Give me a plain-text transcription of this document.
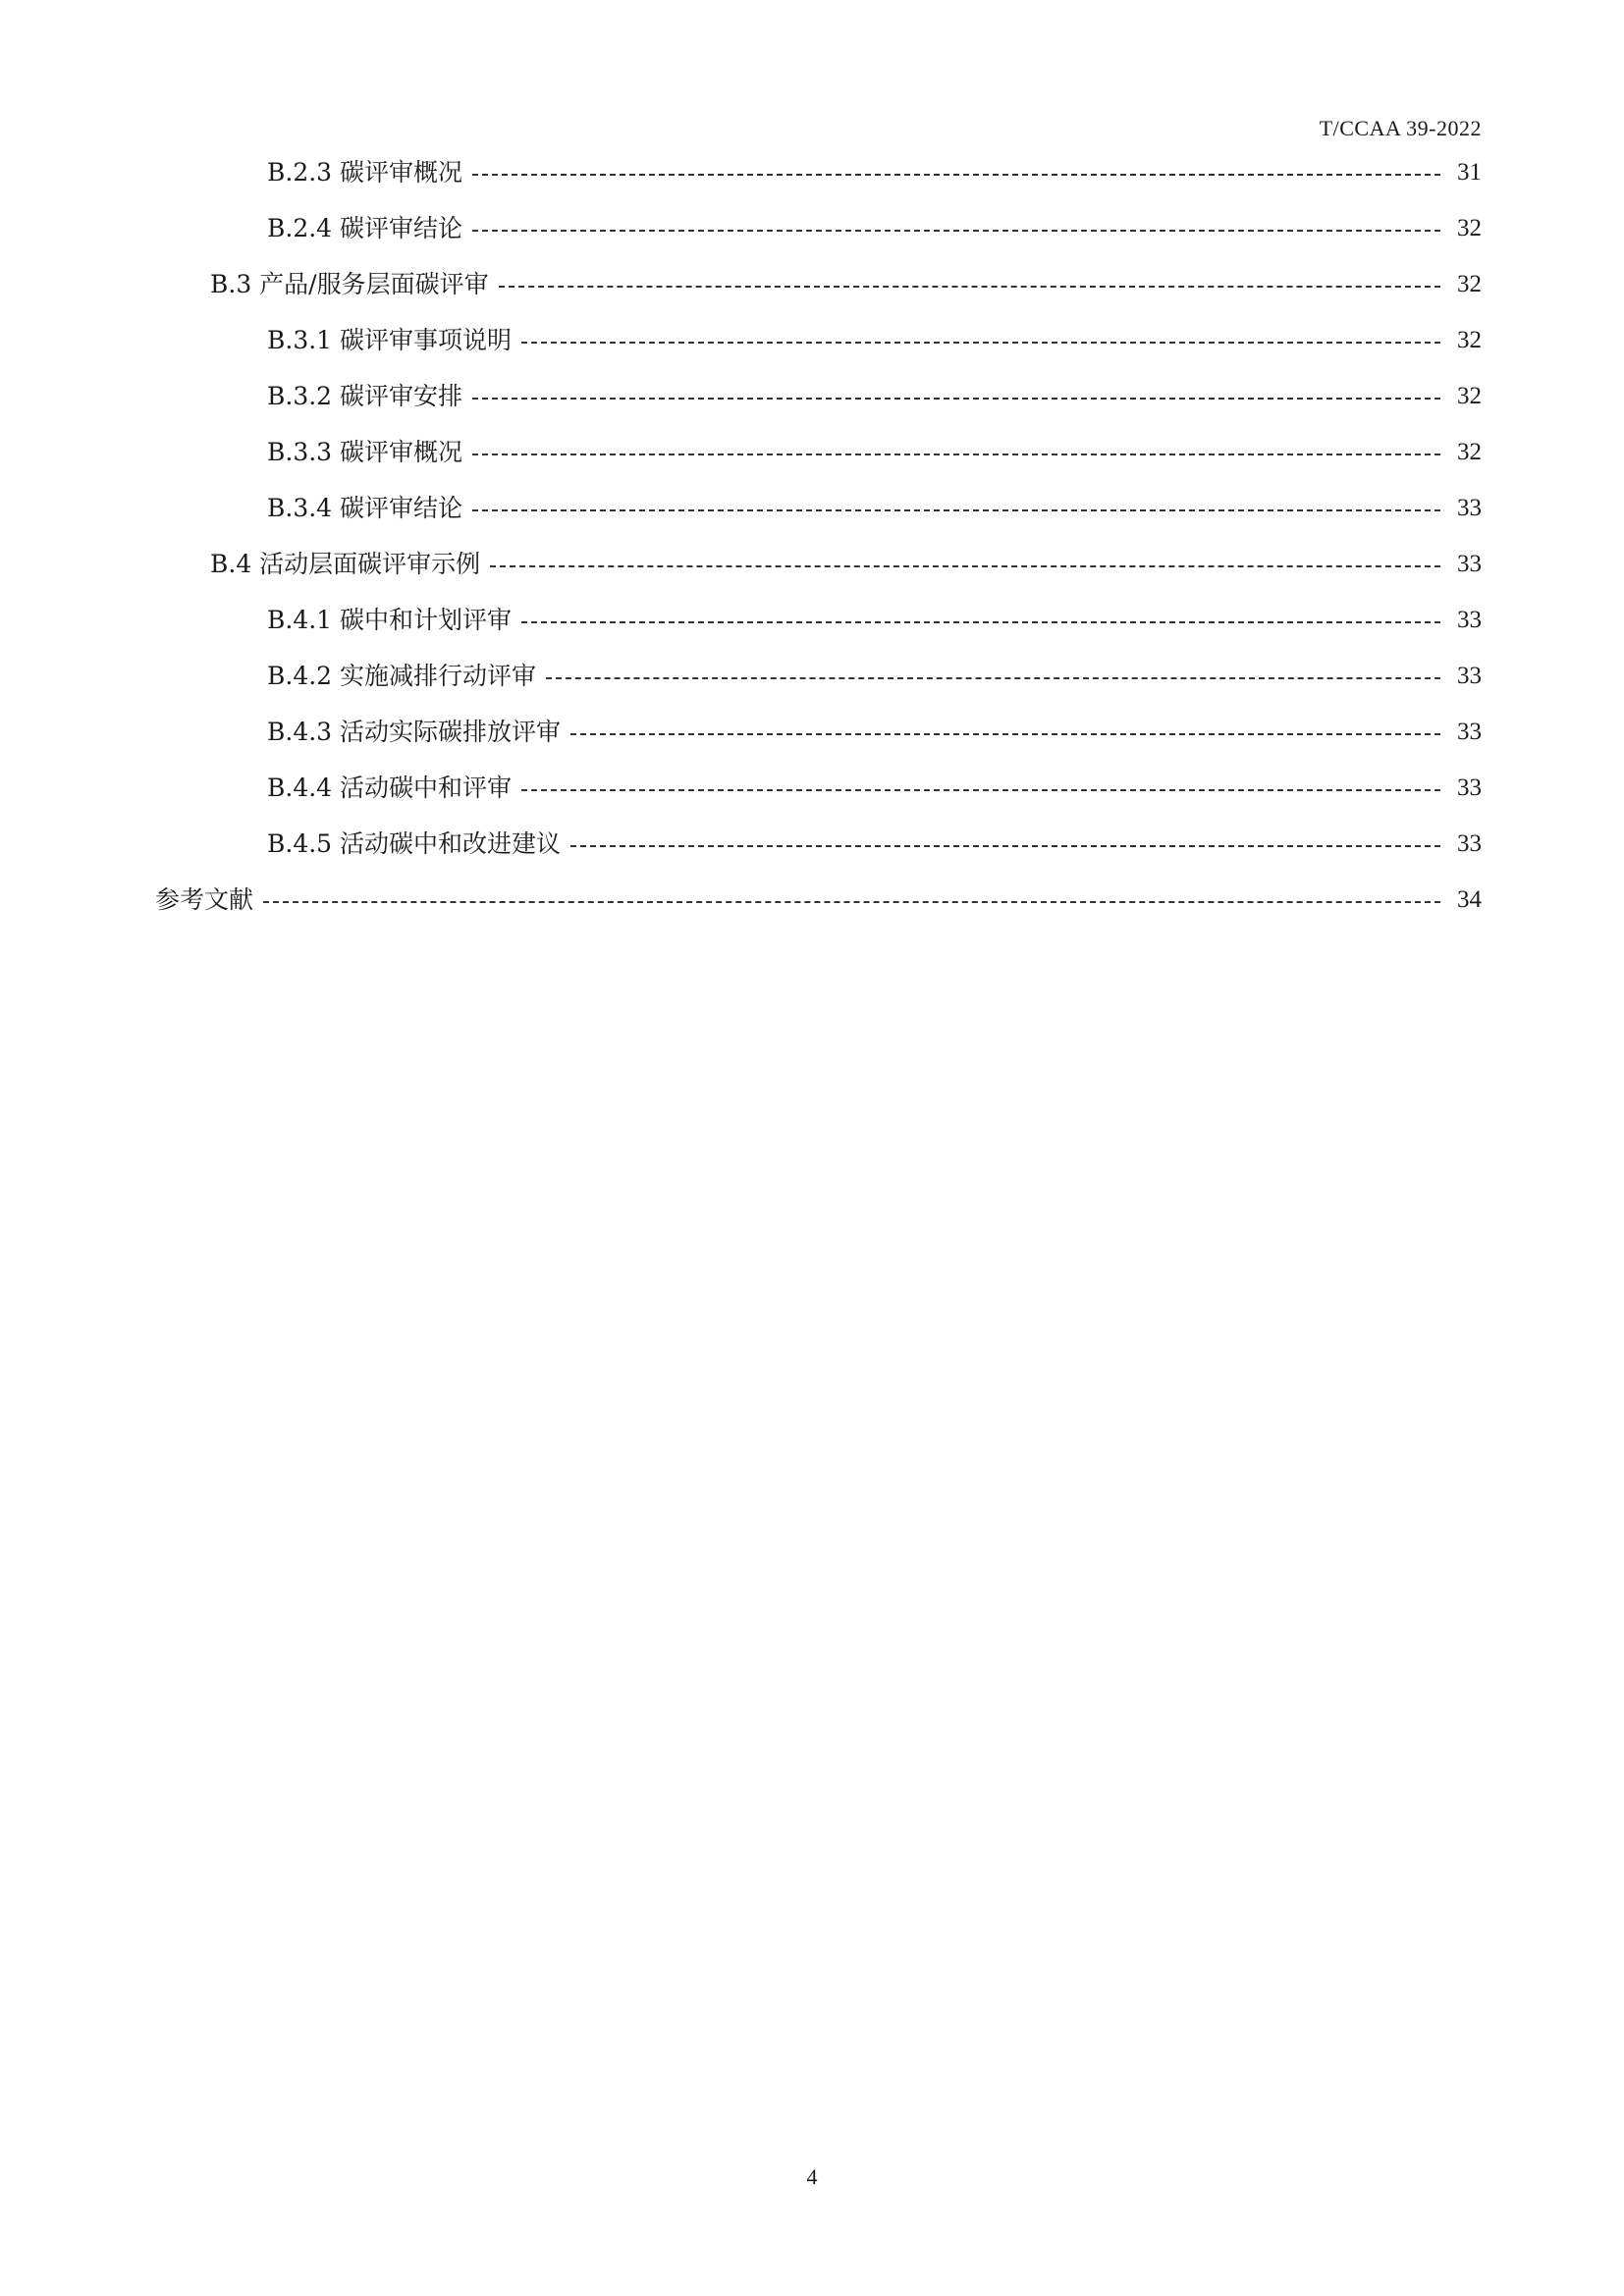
T/CCAA 39-2022
B.2.3 碳评审概况	31
B.2.4 碳评审结论	32
B.3 产品/服务层面碳评审	32
B.3.1 碳评审事项说明	32
B.3.2 碳评审安排	32
B.3.3 碳评审概况	32
B.3.4 碳评审结论	33
B.4 活动层面碳评审示例	33
B.4.1 碳中和计划评审	33
B.4.2 实施减排行动评审	33
B.4.3 活动实际碳排放评审	33
B.4.4 活动碳中和评审	33
B.4.5 活动碳中和改进建议	33
参考文献	34
4
